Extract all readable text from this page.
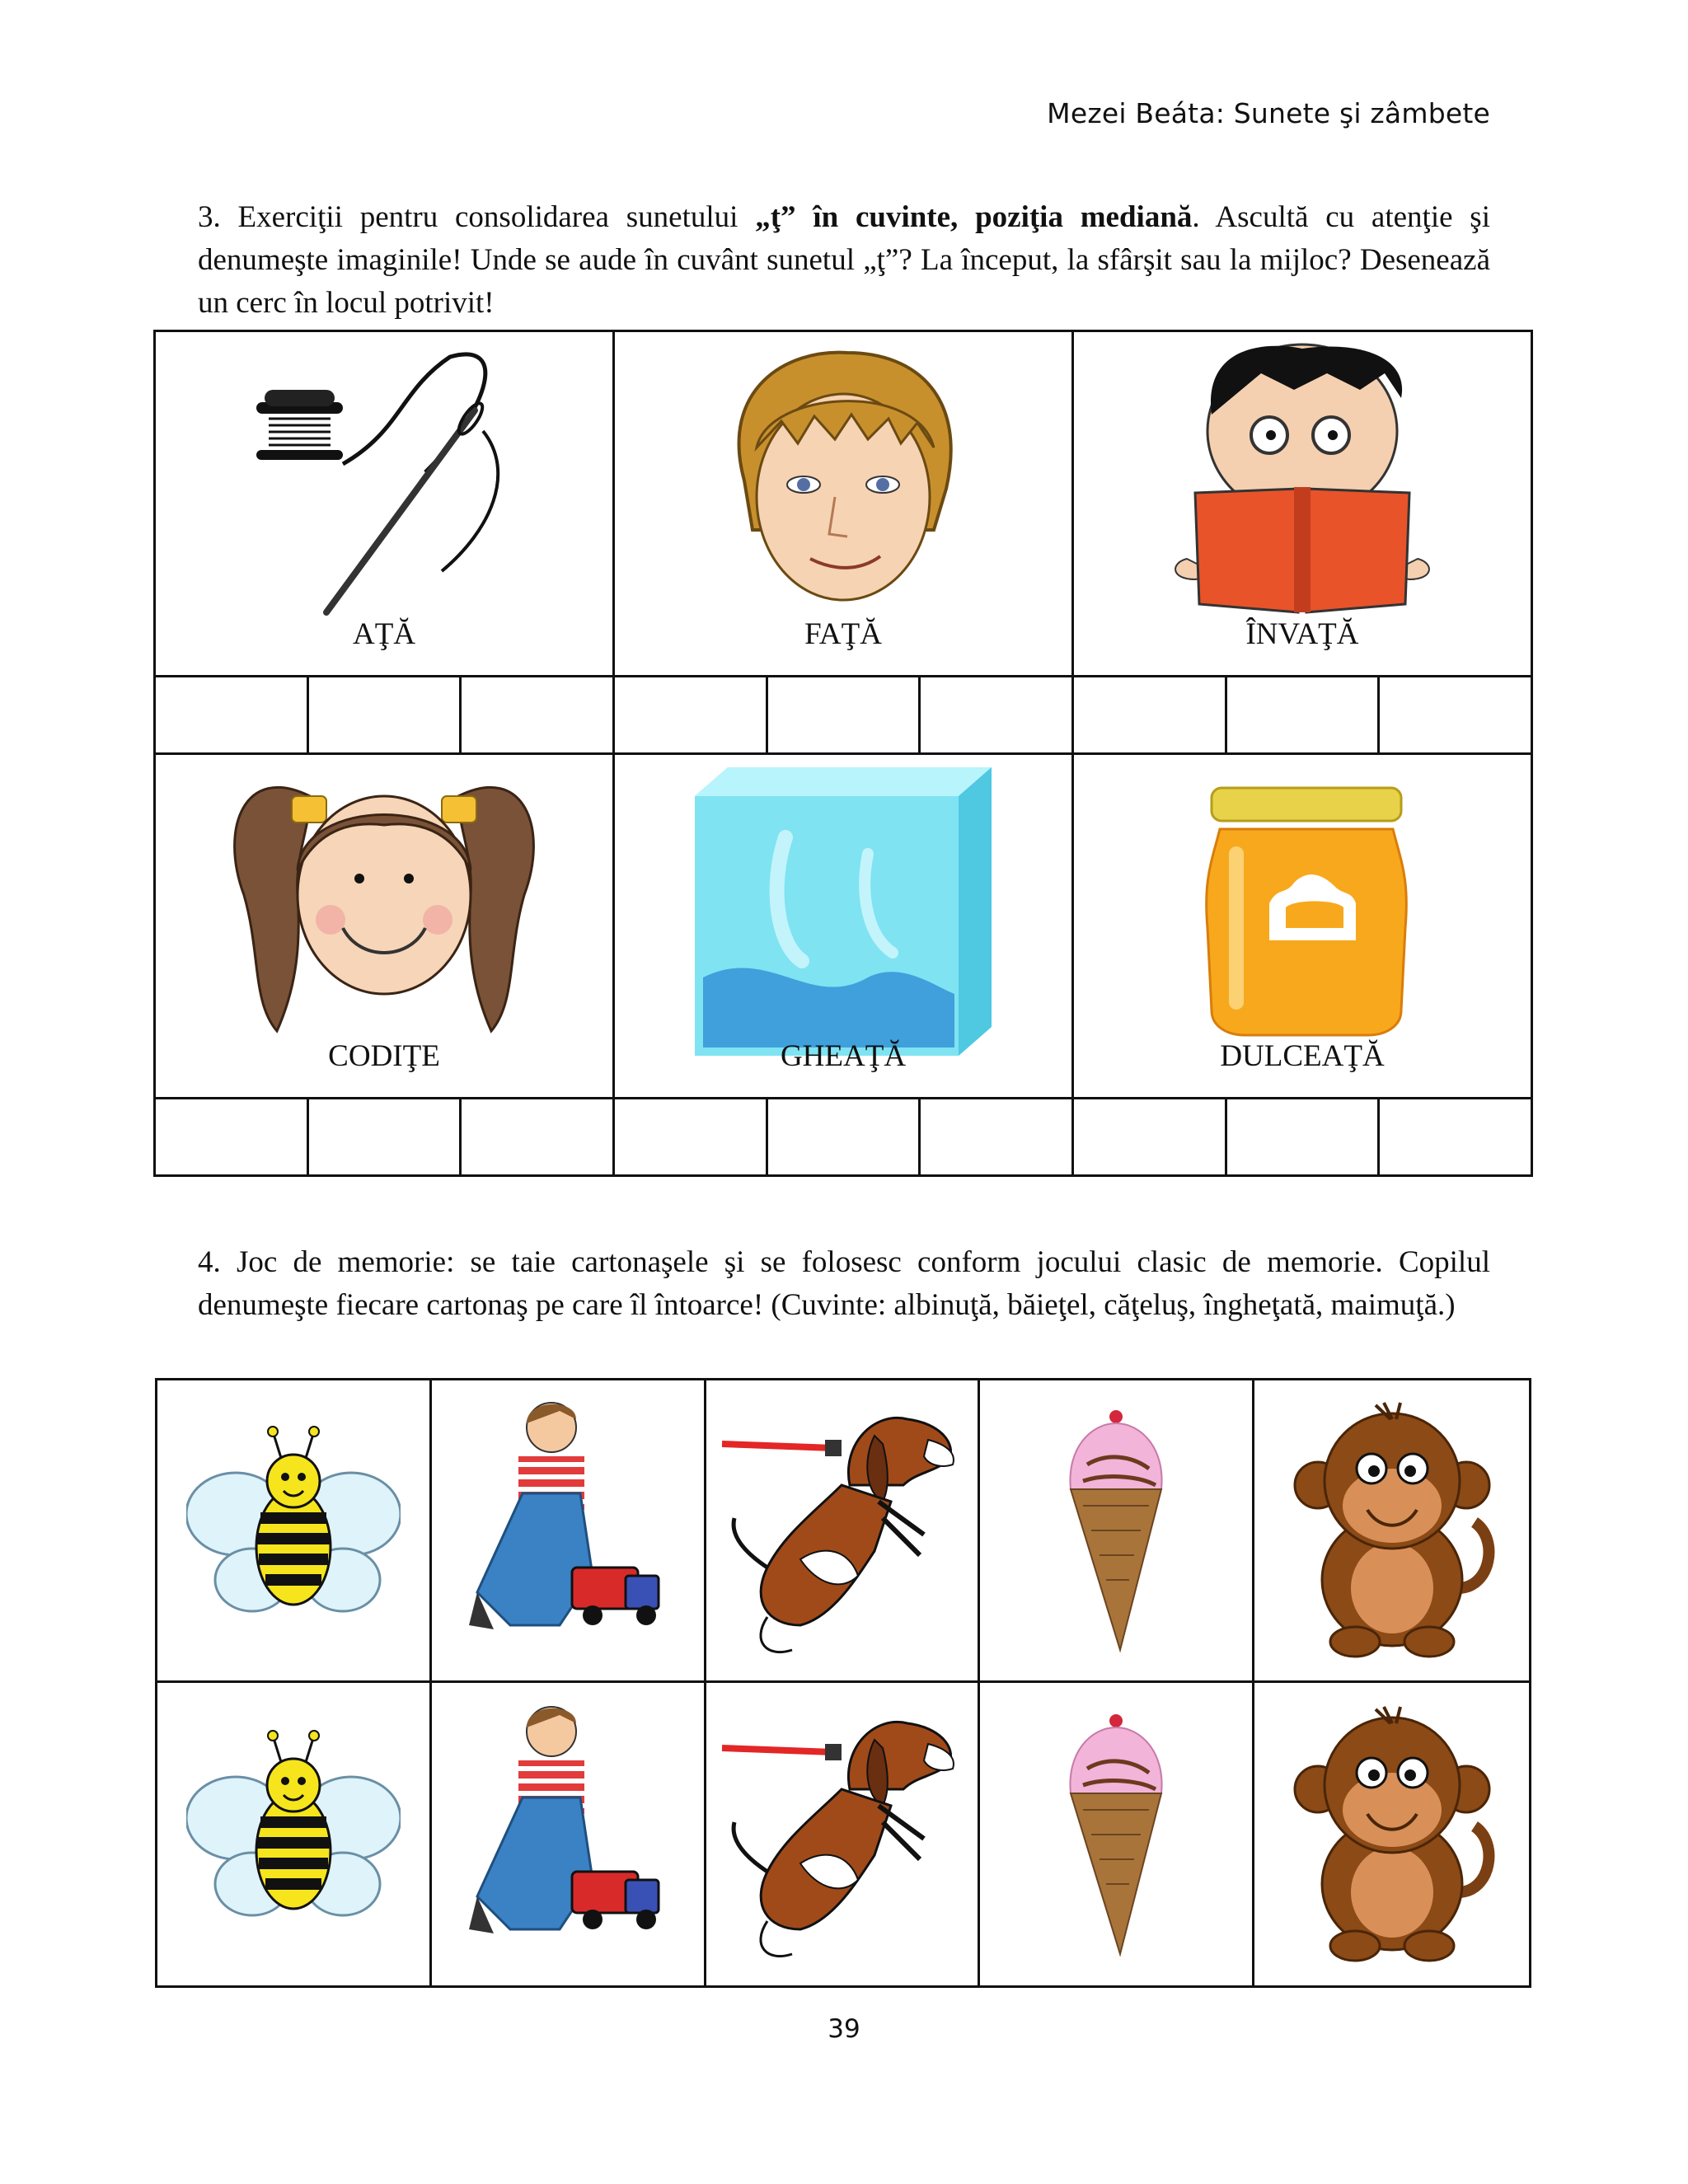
Mezei Beáta: Sunete şi zâmbete
3. Exerciţii pentru consolidarea sunetului „ţ” în cuvinte, poziţia mediană. Ascultă cu atenţie şi denumeşte imaginile! Unde se aude în cuvânt sunetul „ţ”? La început, la sfârşit sau la mijloc? Desenează un cerc în locul potrivit!
AŢĂ	FAŢĂ	ÎNVAŢĂ
CODIŢE	GHEAŢĂ	DULCEAŢĂ
4. Joc de memorie: se taie cartonaşele şi se folosesc conform jocului clasic de memorie. Copilul denumeşte fiecare cartonaş pe care îl întoarce! (Cuvinte: albinuţă, băieţel, căţeluş, îngheţată, maimuţă.)
39
